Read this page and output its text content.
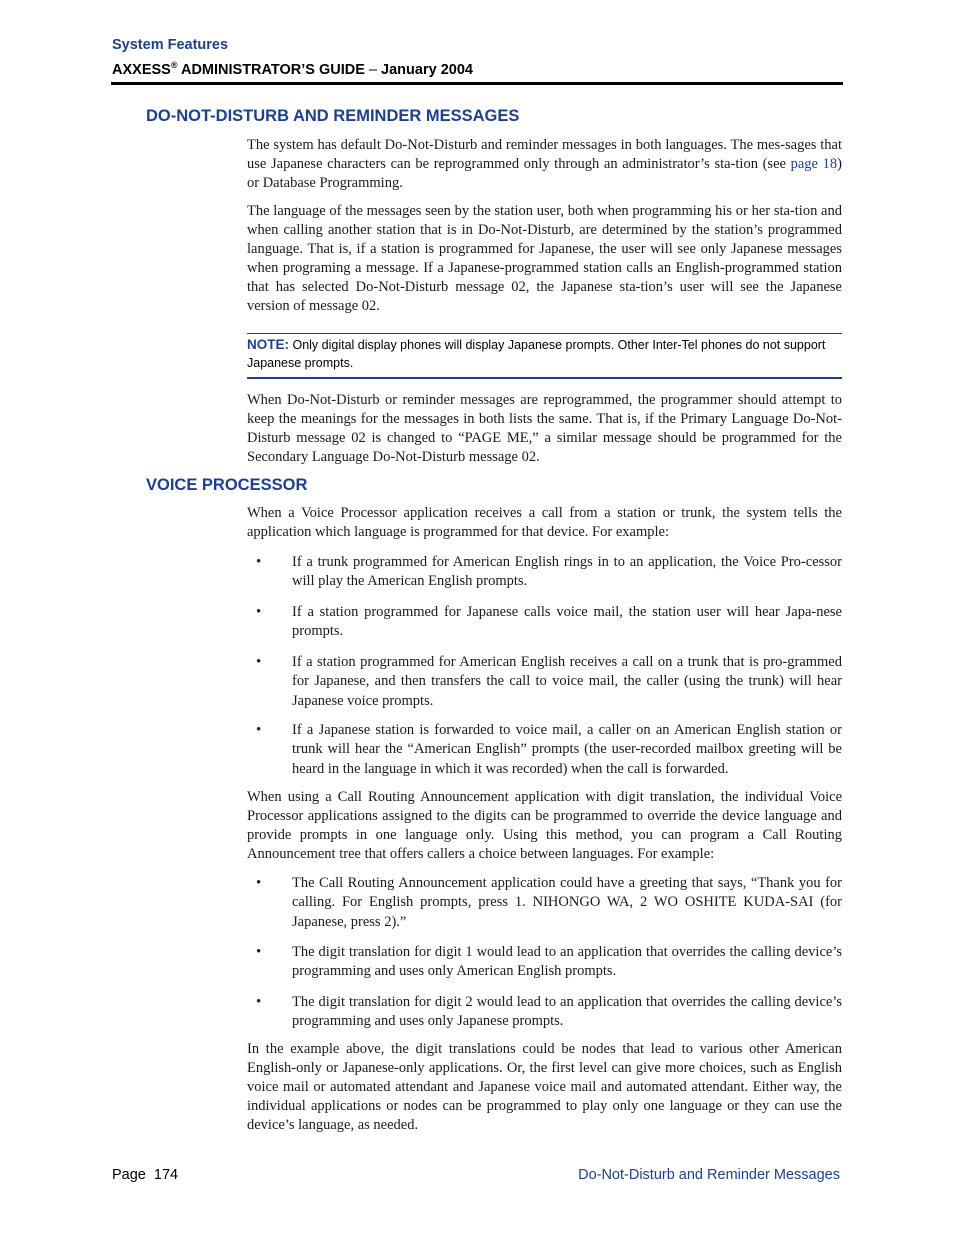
System Features
AXXESS® ADMINISTRATOR’S GUIDE – January 2004
DO-NOT-DISTURB AND REMINDER MESSAGES

The system has default Do-Not-Disturb and reminder messages in both languages. The mes-sages that use Japanese characters can be reprogrammed only through an administrator’s sta-tion (see page 18) or Database Programming.

The language of the messages seen by the station user, both when programming his or her sta-tion and when calling another station that is in Do-Not-Disturb, are determined by the station’s programmed language. That is, if a station is programmed for Japanese, the user will see only Japanese messages when programing a message. If a Japanese-programmed station calls an English-programmed station that has selected Do-Not-Disturb message 02, the Japanese sta-tion’s user will see the Japanese version of message 02.

NOTE: Only digital display phones will display Japanese prompts. Other Inter-Tel phones do not support Japanese prompts.

When Do-Not-Disturb or reminder messages are reprogrammed, the programmer should attempt to keep the meanings for the messages in both lists the same. That is, if the Primary Language Do-Not-Disturb message 02 is changed to “PAGE ME,” a similar message should be programmed for the Secondary Language Do-Not-Disturb message 02.

VOICE PROCESSOR

When a Voice Processor application receives a call from a station or trunk, the system tells the application which language is programmed for that device. For example:

• If a trunk programmed for American English rings in to an application, the Voice Pro-cessor will play the American English prompts.

• If a station programmed for Japanese calls voice mail, the station user will hear Japa-nese prompts.

• If a station programmed for American English receives a call on a trunk that is pro-grammed for Japanese, and then transfers the call to voice mail, the caller (using the trunk) will hear Japanese voice prompts.

• If a Japanese station is forwarded to voice mail, a caller on an American English station or trunk will hear the “American English” prompts (the user-recorded mailbox greeting will be heard in the language in which it was recorded) when the call is forwarded.

When using a Call Routing Announcement application with digit translation, the individual Voice Processor applications assigned to the digits can be programmed to override the device language and provide prompts in one language only. Using this method, you can program a Call Routing Announcement tree that offers callers a choice between languages. For example:

• The Call Routing Announcement application could have a greeting that says, “Thank you for calling. For English prompts, press 1. NIHONGO WA, 2 WO OSHITE KUDA-SAI (for Japanese, press 2).”

• The digit translation for digit 1 would lead to an application that overrides the calling device’s programming and uses only American English prompts.

• The digit translation for digit 2 would lead to an application that overrides the calling device’s programming and uses only Japanese prompts.

In the example above, the digit translations could be nodes that lead to various other American English-only or Japanese-only applications. Or, the first level can give more choices, such as English voice mail or automated attendant and Japanese voice mail and automated attendant. Either way, the individual applications or nodes can be programmed to play only one language or they can use the device’s language, as needed.

Page  174	Do-Not-Disturb and Reminder Messages
